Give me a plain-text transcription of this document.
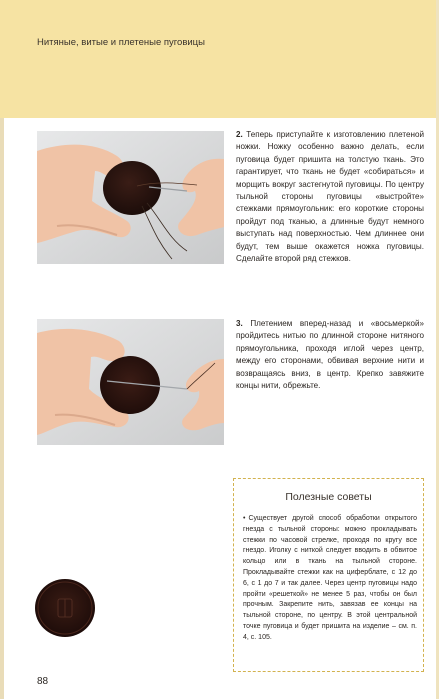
Нитяные, витые и плетеные пуговицы
2. Теперь приступайте к изготовлению плетеной ножки. Ножку особенно важно делать, если пуговица будет пришита на толстую ткань. Это гарантирует, что ткань не будет «собираться» и морщить вокруг застегнутой пуговицы. По центру тыльной стороны пуговицы «выстройте» стежками прямоугольник: его короткие стороны пройдут под тканью, а длинные будут немного выступать над поверхностью. Чем длиннее они будут, тем выше окажется ножка пуговицы. Сделайте второй ряд стежков.
3. Плетением вперед-назад и «восьмеркой» пройдитесь нитью по длинной стороне нитяного прямоугольника, проходя иглой через центр, между его сторонами, обвивая верхние нити и возвращаясь вниз, в центр. Крепко завяжите концы нити, обрежьте.
Полезные советы
• Существует другой способ обработки открытого гнезда с тыльной стороны: можно прокладывать стежки по часовой стрелке, проходя по кругу все гнездо. Иголку с ниткой следует вводить в обвитое кольцо или в ткань на тыльной стороне. Прокладывайте стежки как на циферблате, с 12 до 6, с 1 до 7 и так далее. Через центр пуговицы надо пройти «решеткой» не менее 5 раз, чтобы он был прочным. Закрепите нить, завязав ее концы на тыльной стороне, по центру. В этой центральной точке пуговица и будет пришита на изделие – см. п. 4, с. 105.
88
